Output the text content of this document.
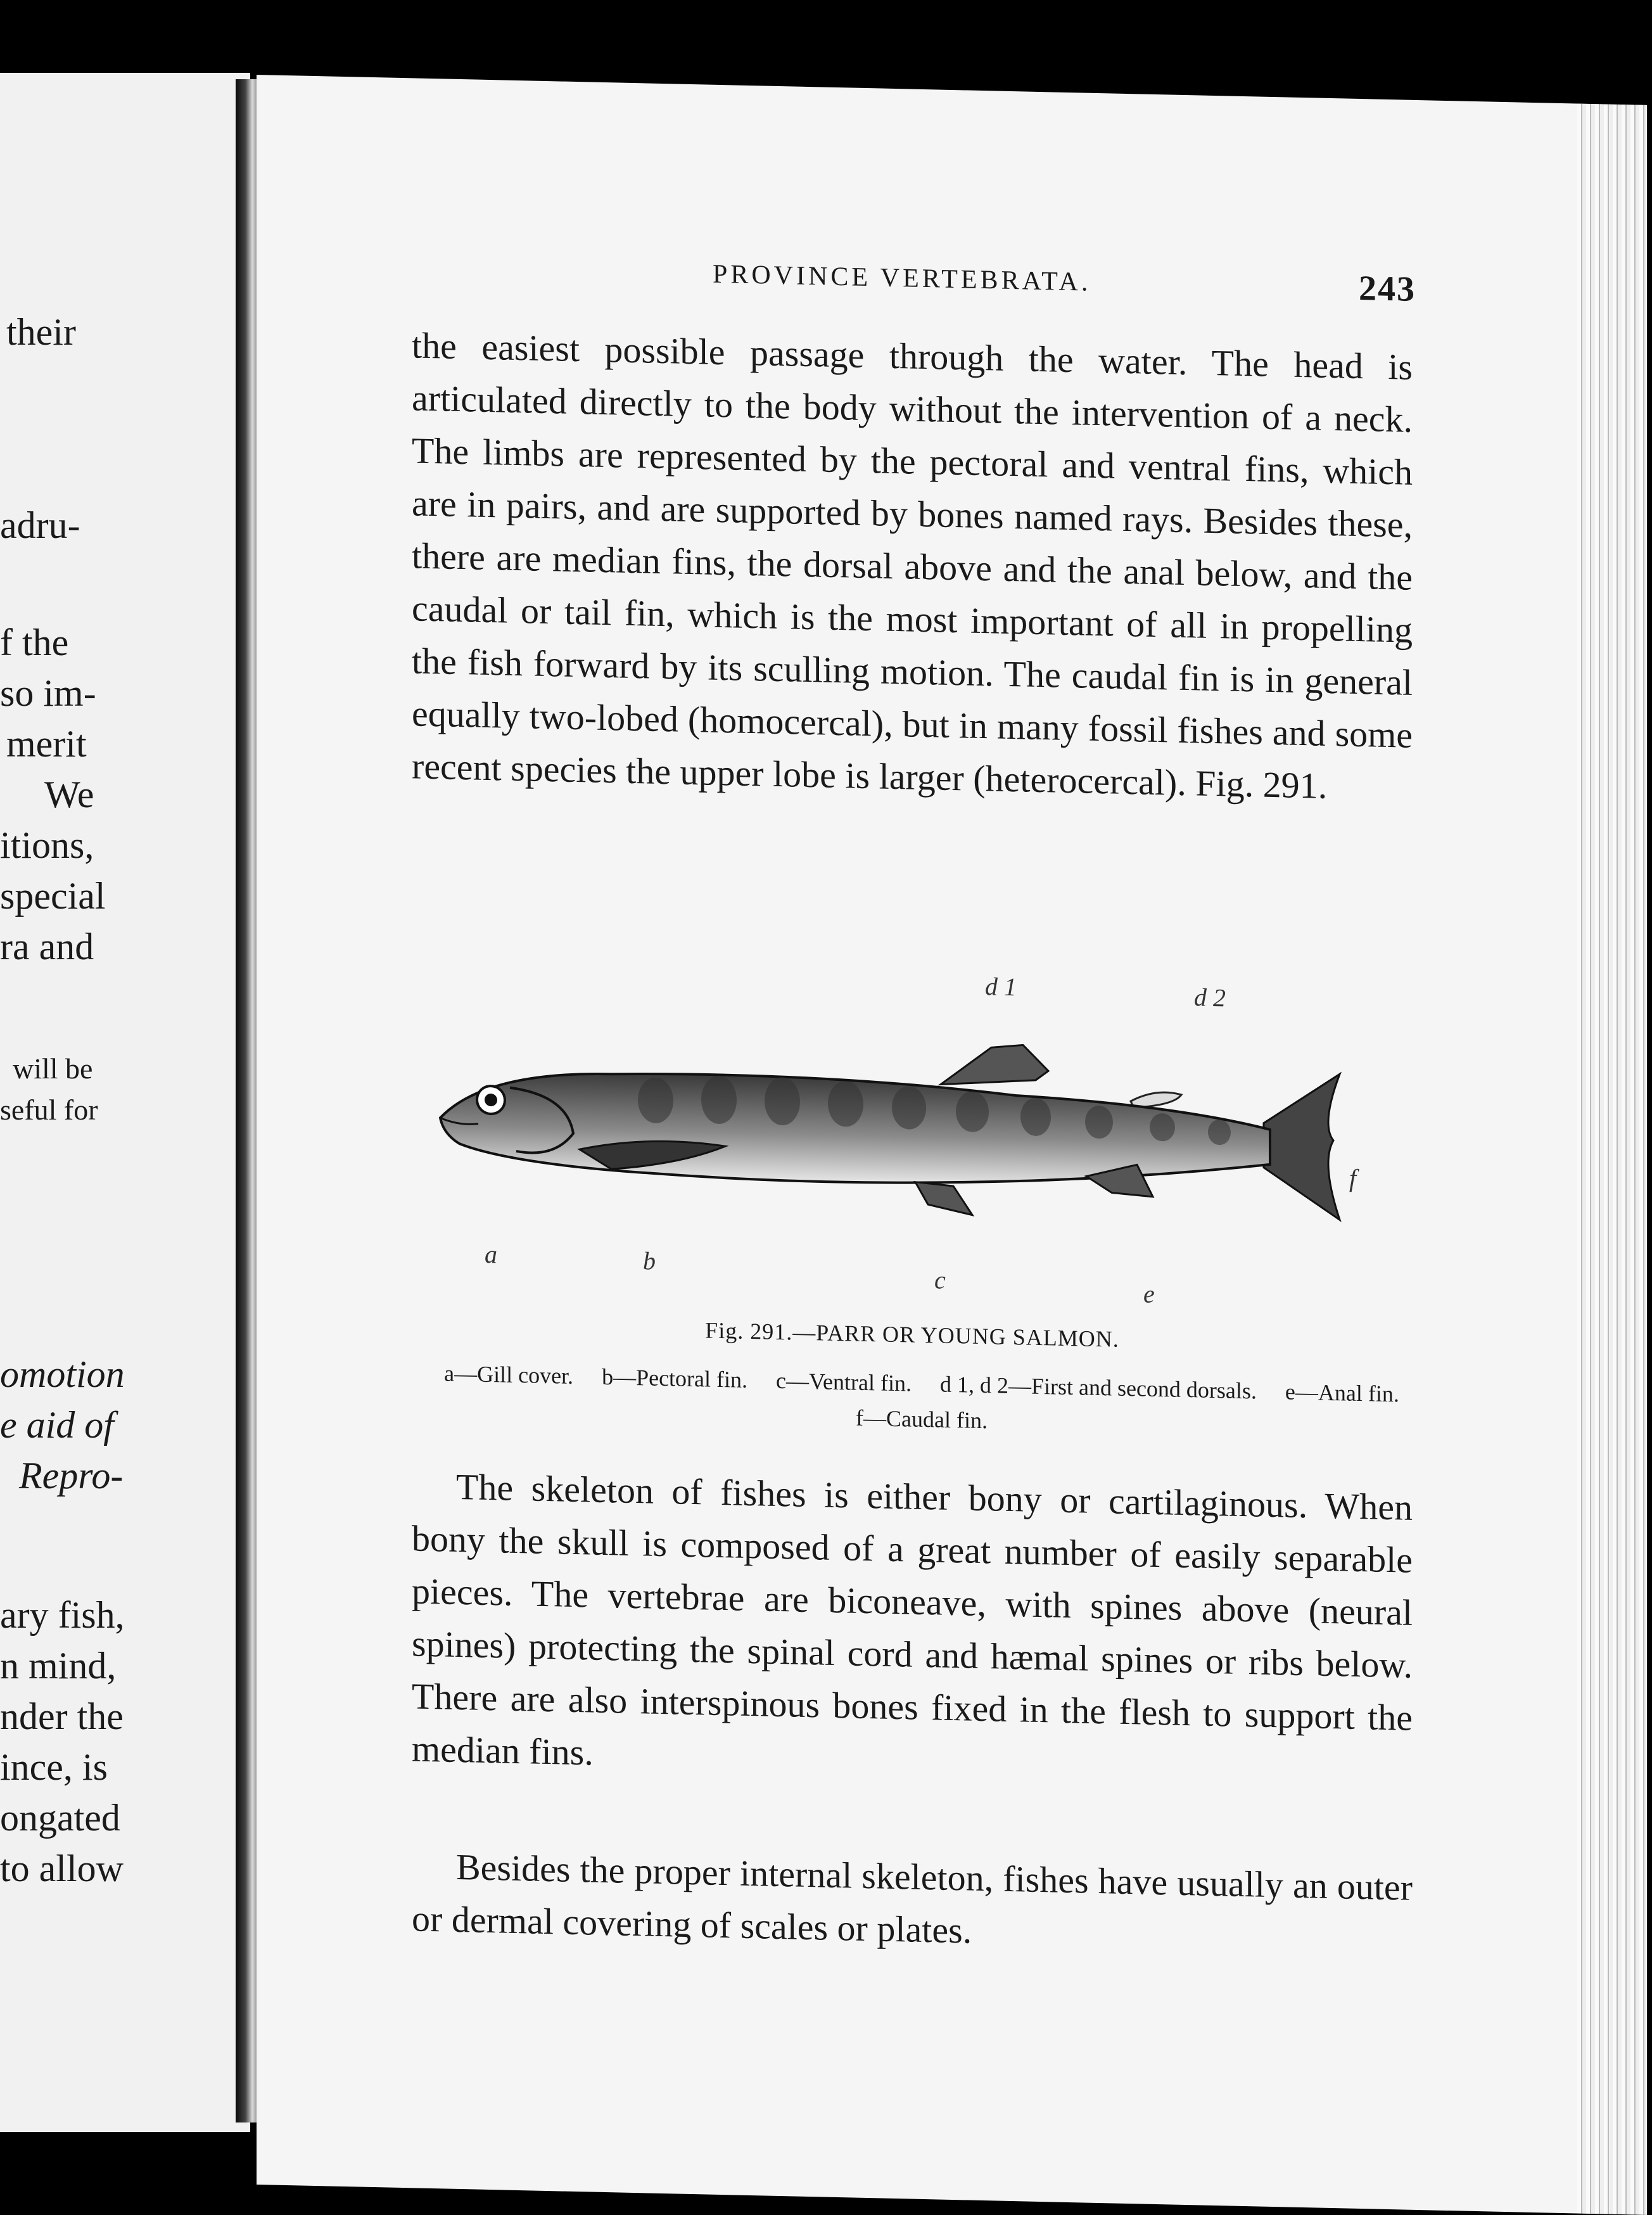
their
adru-
f the
so im-
merit
We
itions,
special
ra and
will be
seful for
omotion
e aid of
Repro-
ary fish,
n mind,
nder the
ince, is
ongated
to allow
PROVINCE VERTEBRATA.	243

the easiest possible passage through the water. The head is articulated directly to the body without the intervention of a neck. The limbs are represented by the pectoral and ventral fins, which are in pairs, and are supported by bones named rays. Besides these, there are median fins, the dorsal above and the anal below, and the caudal or tail fin, which is the most important of all in propelling the fish forward by its sculling motion. The caudal fin is in general equally two-lobed (homocercal), but in many fossil fishes and some recent species the upper lobe is larger (heterocercal). Fig. 291.

d 1	d 2
f
a	b
c	e
Fig. 291.—PARR OR YOUNG SALMON.
a—Gill cover. b—Pectoral fin. c—Ventral fin. d 1, d 2—First and second dorsals. e—Anal fin. f—Caudal fin.

The skeleton of fishes is either bony or cartilaginous. When bony the skull is composed of a great number of easily separable pieces. The vertebrae are biconeave, with spines above (neural spines) protecting the spinal cord and hæmal spines or ribs below. There are also interspinous bones fixed in the flesh to support the median fins.

Besides the proper internal skeleton, fishes have usually an outer or dermal covering of scales or plates.
